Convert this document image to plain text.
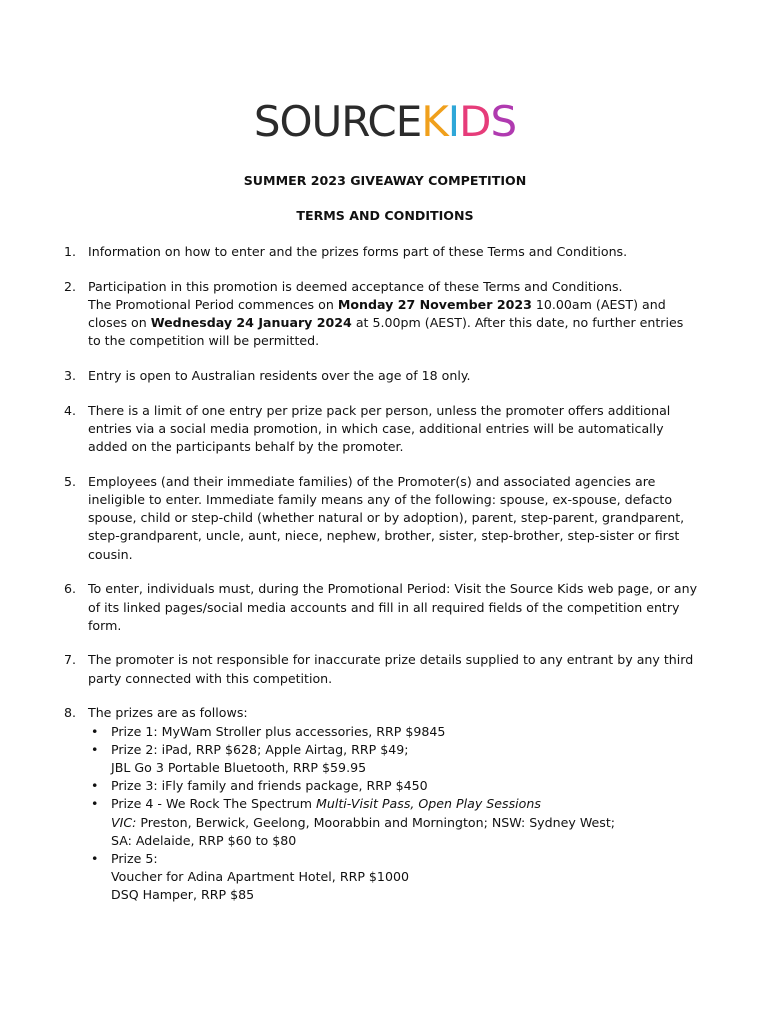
SOURCEKIDS
SUMMER 2023 GIVEAWAY COMPETITION
TERMS AND CONDITIONS
1. Information on how to enter and the prizes forms part of these Terms and Conditions.
2. Participation in this promotion is deemed acceptance of these Terms and Conditions.
The Promotional Period commences on Monday 27 November 2023 10.00am (AEST) and closes on Wednesday 24 January 2024 at 5.00pm (AEST). After this date, no further entries to the competition will be permitted.
3. Entry is open to Australian residents over the age of 18 only.
4. There is a limit of one entry per prize pack per person, unless the promoter offers additional entries via a social media promotion, in which case, additional entries will be automatically added on the participants behalf by the promoter.
5. Employees (and their immediate families) of the Promoter(s) and associated agencies are ineligible to enter. Immediate family means any of the following: spouse, ex-spouse, defacto spouse, child or step-child (whether natural or by adoption), parent, step-parent, grandparent, step-grandparent, uncle, aunt, niece, nephew, brother, sister, step-brother, step-sister or first cousin.
6. To enter, individuals must, during the Promotional Period: Visit the Source Kids web page, or any of its linked pages/social media accounts and fill in all required fields of the competition entry form.
7. The promoter is not responsible for inaccurate prize details supplied to any entrant by any third party connected with this competition.
8. The prizes are as follows:
• Prize 1: MyWam Stroller plus accessories, RRP $9845
• Prize 2: iPad, RRP $628; Apple Airtag, RRP $49;
JBL Go 3 Portable Bluetooth, RRP $59.95
• Prize 3: iFly family and friends package, RRP $450
• Prize 4 - We Rock The Spectrum Multi-Visit Pass, Open Play Sessions
VIC: Preston, Berwick, Geelong, Moorabbin and Mornington; NSW: Sydney West;
SA: Adelaide, RRP $60 to $80
• Prize 5:
Voucher for Adina Apartment Hotel, RRP $1000
DSQ Hamper, RRP $85
